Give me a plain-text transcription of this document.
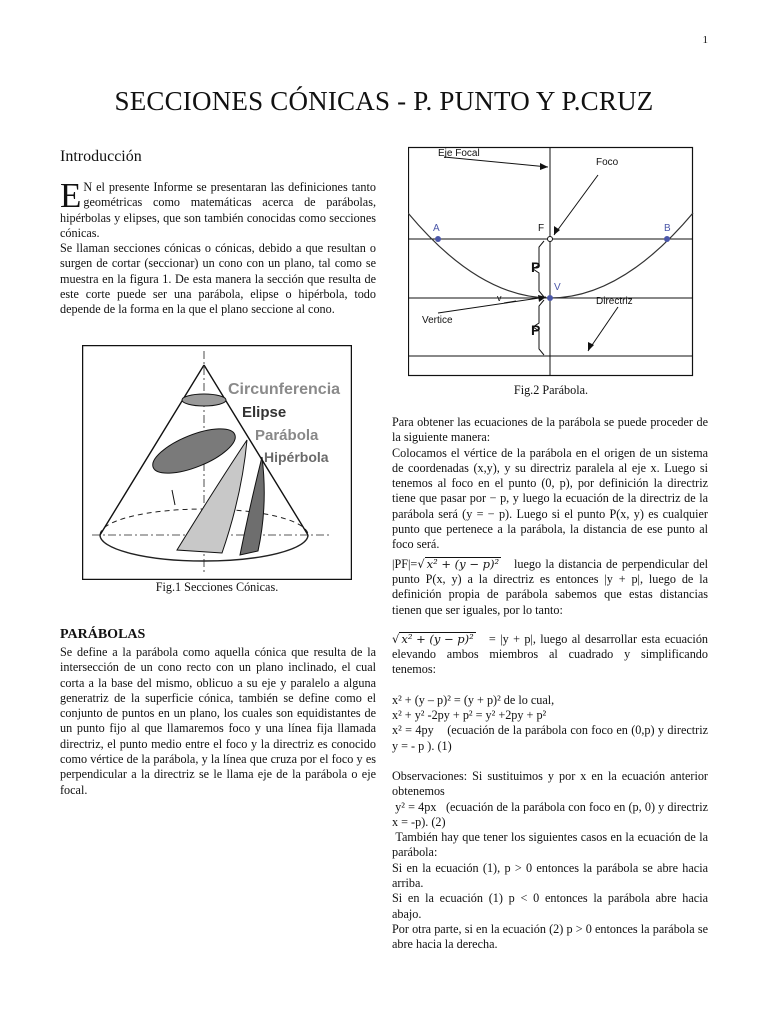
1
SECCIONES CÓNICAS - P. PUNTO Y P.CRUZ
Introducción

E N el presente Informe se presentaran las definiciones tanto geométricas como matemáticas acerca de parábolas, hipérbolas y elipses, que son también conocidas como secciones cónicas.

Se llaman secciones cónicas o cónicas, debido a que resultan o surgen de cortar (seccionar) un cono con un plano, tal como se muestra en la figura 1. De esta manera la sección que resulta de este corte puede ser una parábola, elipse o hipérbola, todo depende de la forma en la que el plano seccione al cono.

Circunferencia
Elipse
Parábola
Hipérbola
Fig.1 Secciones Cónicas.
PARÁBOLAS
Se define a la parábola como aquella cónica que resulta de la intersección de un cono recto con un plano inclinado, el cual corta a la base del mismo, oblicuo a su eje y paralelo a alguna generatriz de la superficie cónica, también se define como el conjunto de puntos en un plano, los cuales son equidistantes de un punto fijo al que llamaremos foco y una línea fija llamada directriz, el punto medio entre el foco y la directriz es conocido como vértice de la parábola, y la línea que cruza por el foco y es perpendicular a la directriz se le llama eje de la parábola o eje focal.
Eje Focal
Foco
A	B
F
P
P
V
v
Vertice
Directriz
Fig.2 Parábola.

Para obtener las ecuaciones de la parábola se puede proceder de la siguiente manera:

Colocamos el vértice de la parábola en el origen de un sistema de coordenadas (x,y), y su directriz paralela al eje x. Luego si tenemos al foco en el punto (0, p), por definición la directriz tiene que pasar por − p, y luego la ecuación de la directriz de la parábola será (y = − p). Luego si el punto P(x, y) es cualquier punto que pertenece a la parábola, la distancia de ese punto al foco será.

|PF|=√ x² + (y − p)² luego la distancia de perpendicular del punto P(x, y) a la directriz es entonces |y + p|, luego de la definición propia de parábola sabemos que estas distancias tienen que ser iguales, por lo tanto:

√ x² + (y − p)² = |y + p|, luego al desarrollar esta ecuación elevando ambos miembros al cuadrado y simplificando tenemos:

x² + (y – p)² = (y + p)² de lo cual,

x² + y² -2py + p² = y² +2py + p²

x² = 4py (ecuación de la parábola con foco en (0,p) y directriz y = - p ). (1)

Observaciones: Si sustituimos y por x en la ecuación anterior obtenemos

y² = 4px (ecuación de la parábola con foco en (p, 0) y directriz x = -p). (2)

También hay que tener los siguientes casos en la ecuación de la parábola:

Si en la ecuación (1), p > 0 entonces la parábola se abre hacia arriba.

Si en la ecuación (1) p < 0 entonces la parábola abre hacia abajo.

Por otra parte, si en la ecuación (2) p > 0 entonces la parábola se abre hacia la derecha.
